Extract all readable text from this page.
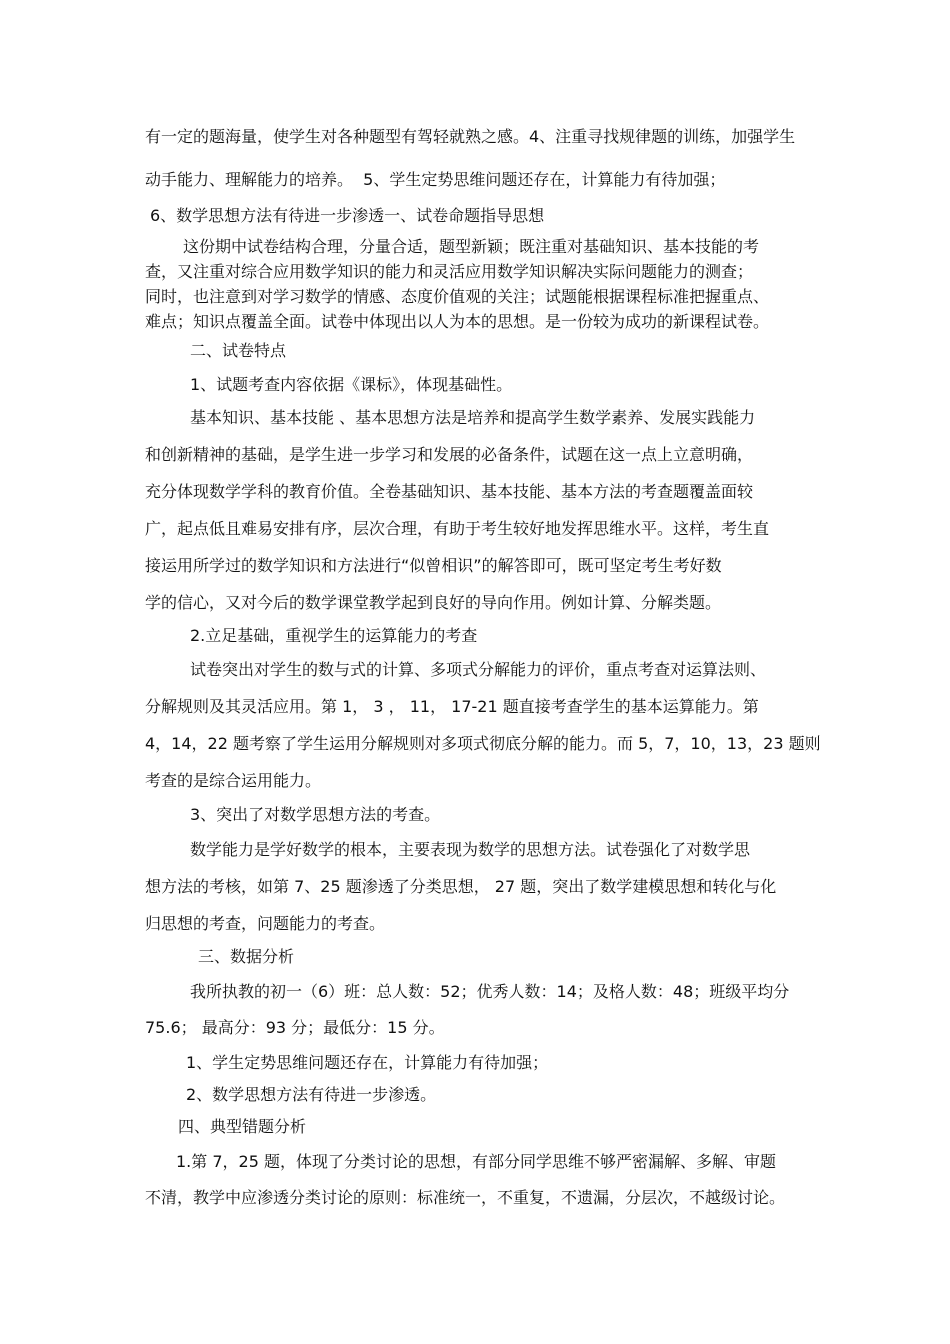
有一定的题海量，使学生对各种题型有驾轻就熟之感。4、注重寻找规律题的训练，加强学生
动手能力、理解能力的培养。  5、学生定势思维问题还存在，计算能力有待加强；
6、数学思想方法有待进一步渗透一、试卷命题指导思想
这份期中试卷结构合理，分量合适，题型新颖；既注重对基础知识、基本技能的考
查，又注重对综合应用数学知识的能力和灵活应用数学知识解决实际问题能力的测查；
同时，也注意到对学习数学的情感、态度价值观的关注；试题能根据课程标准把握重点、
难点；知识点覆盖全面。试卷中体现出以人为本的思想。是一份较为成功的新课程试卷。
二、试卷特点
1、试题考查内容依据《课标》，体现基础性。
基本知识、基本技能 、基本思想方法是培养和提高学生数学素养、发展实践能力
和创新精神的基础，是学生进一步学习和发展的必备条件，试题在这一点上立意明确，
充分体现数学学科的教育价值。全卷基础知识、基本技能、基本方法的考查题覆盖面较
广，起点低且难易安排有序，层次合理，有助于考生较好地发挥思维水平。这样，考生直
接运用所学过的数学知识和方法进行“似曾相识”的解答即可，既可坚定考生考好数
学的信心，又对今后的数学课堂教学起到良好的导向作用。例如计算、分解类题。
2.立足基础，重视学生的运算能力的考查
试卷突出对学生的数与式的计算、多项式分解能力的评价，重点考查对运算法则、
分解规则及其灵活应用。第 1， 3 ， 11， 17-21 题直接考查学生的基本运算能力。第
4，14，22 题考察了学生运用分解规则对多项式彻底分解的能力。而 5，7，10，13，23 题则
考查的是综合运用能力。
3、突出了对数学思想方法的考查。
数学能力是学好数学的根本，主要表现为数学的思想方法。试卷强化了对数学思
想方法的考核，如第 7、25 题渗透了分类思想， 27 题，突出了数学建模思想和转化与化
归思想的考查，问题能力的考查。
三、数据分析
我所执教的初一（6）班：总人数：52；优秀人数：14；及格人数：48；班级平均分
75.6； 最高分：93 分；最低分：15 分。
1、学生定势思维问题还存在，计算能力有待加强；
2、数学思想方法有待进一步渗透。
四、典型错题分析
1.第 7，25 题，体现了分类讨论的思想，有部分同学思维不够严密漏解、多解、审题
不清，教学中应渗透分类讨论的原则：标准统一，不重复，不遗漏，分层次，不越级讨论。
